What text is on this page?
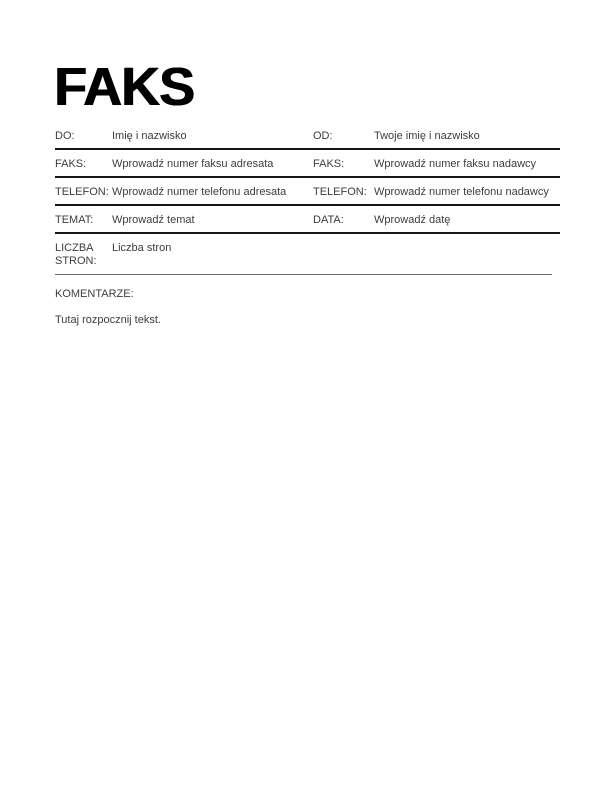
FAKS
DO:	Imię i nazwisko	OD:	Twoje imię i nazwisko
FAKS:	Wprowadź numer faksu adresata	FAKS:	Wprowadź numer faksu nadawcy
TELEFON: Wprowadź numer telefonu adresata	TELEFON: Wprowadź numer telefonu nadawcy
TEMAT:	Wprowadź temat	DATA:	Wprowadź datę
LICZBA STRON:
Liczba stron
KOMENTARZE:
Tutaj rozpocznij tekst.
